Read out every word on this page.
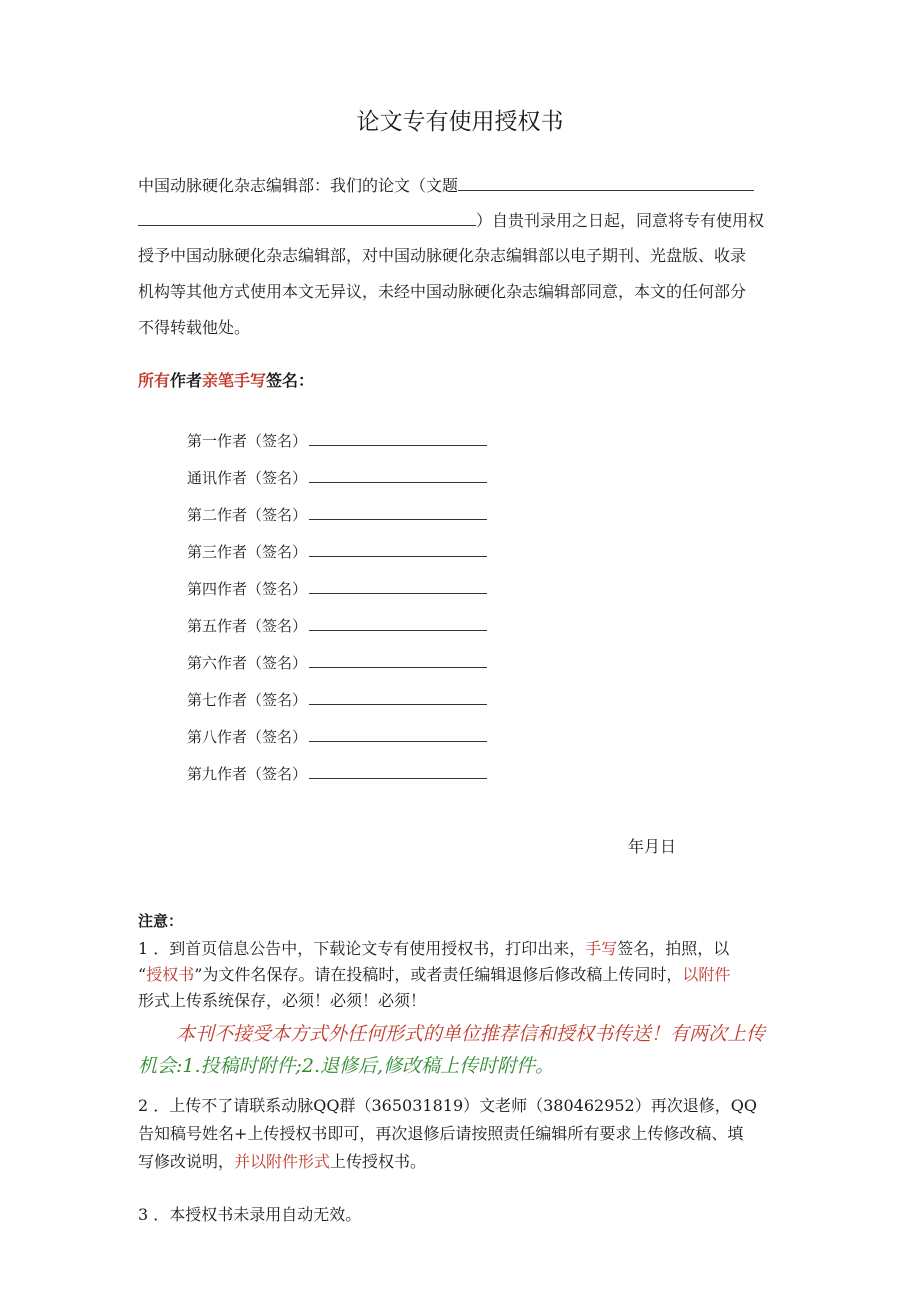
论文专有使用授权书
中国动脉硬化杂志编辑部：我们的论文（文题
）自贵刊录用之日起，同意将专有使用权
授予中国动脉硬化杂志编辑部，对中国动脉硬化杂志编辑部以电子期刊、光盘版、收录
机构等其他方式使用本文无异议，未经中国动脉硬化杂志编辑部同意，本文的任何部分
不得转载他处。
所有作者亲笔手写签名：
第一作者（签名）
通讯作者（签名）
第二作者（签名）
第三作者（签名）
第四作者（签名）
第五作者（签名）
第六作者（签名）
第七作者（签名）
第八作者（签名）
第九作者（签名）
年月日
注意：

1 ．到首页信息公告中，下载论文专有使用授权书，打印出来，手写签名，拍照，以

“授权书”为文件名保存。请在投稿时，或者责任编辑退修后修改稿上传同时，以附件

形式上传系统保存，必须！必须！必须！

本刊不接受本方式外任何形式的单位推荐信和授权书传送！有两次上传
机会:1.投稿时附件;2.退修后,修改稿上传时附件。

2 ．上传不了请联系动脉QQ群（365031819）文老师（380462952）再次退修，QQ

告知稿号姓名+上传授权书即可，再次退修后请按照责任编辑所有要求上传修改稿、填

写修改说明，并以附件形式上传授权书。

3 ．本授权书未录用自动无效。
